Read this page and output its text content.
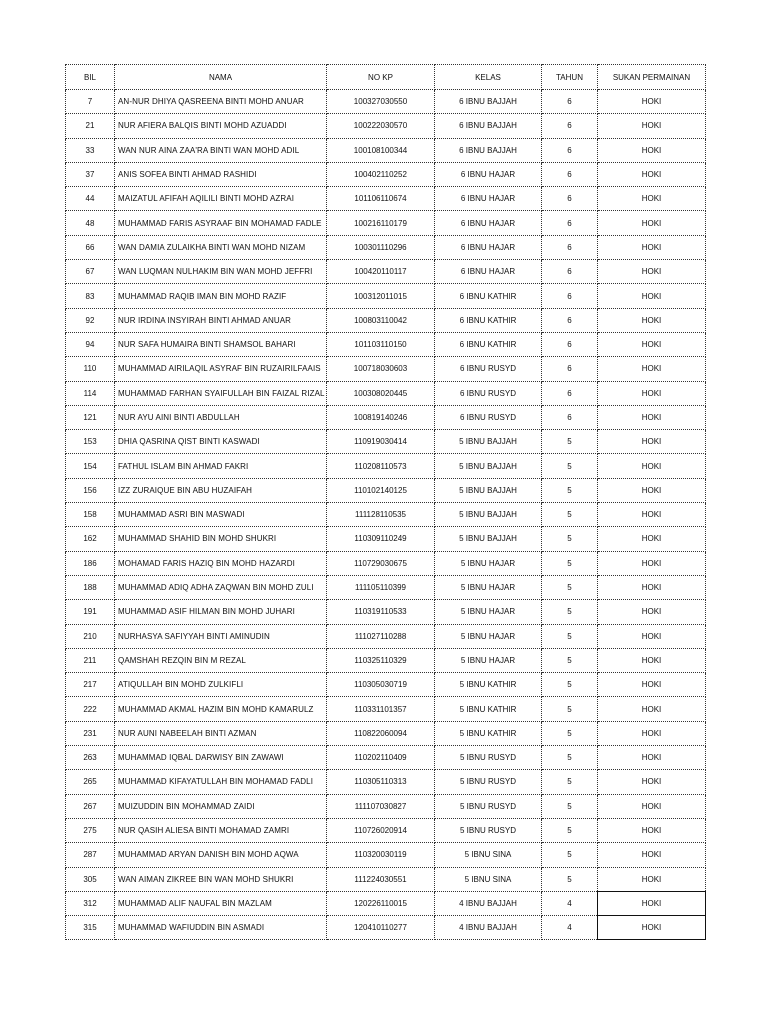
BIL	NAMA	NO KP	KELAS	TAHUN	SUKAN PERMAINAN
7	AN-NUR DHIYA QASREENA BINTI MOHD ANUAR	100327030550	6 IBNU BAJJAH	6	HOKI
21	NUR AFIERA BALQIS BINTI MOHD AZUADDI	100222030570	6 IBNU BAJJAH	6	HOKI
33	WAN NUR AINA ZAA'RA BINTI WAN MOHD ADIL	100108100344	6 IBNU BAJJAH	6	HOKI
37	ANIS SOFEA BINTI AHMAD RASHIDI	100402110252	6 IBNU HAJAR	6	HOKI
44	MAIZATUL AFIFAH AQILILI BINTI MOHD AZRAI	101106110674	6 IBNU HAJAR	6	HOKI
48	MUHAMMAD FARIS ASYRAAF BIN MOHAMAD FADLE	100216110179	6 IBNU HAJAR	6	HOKI
66	WAN DAMIA ZULAIKHA BINTI WAN MOHD NIZAM	100301110296	6 IBNU HAJAR	6	HOKI
67	WAN LUQMAN NULHAKIM BIN WAN MOHD JEFFRI	100420110117	6 IBNU HAJAR	6	HOKI
83	MUHAMMAD RAQIB IMAN BIN MOHD RAZIF	100312011015	6 IBNU KATHIR	6	HOKI
92	NUR IRDINA INSYIRAH BINTI AHMAD ANUAR	100803110042	6 IBNU KATHIR	6	HOKI
94	NUR SAFA HUMAIRA BINTI SHAMSOL BAHARI	101103110150	6 IBNU KATHIR	6	HOKI
110	MUHAMMAD AIRILAQIL ASYRAF BIN RUZAIRILFAAIS	100718030603	6 IBNU RUSYD	6	HOKI
114	MUHAMMAD FARHAN SYAIFULLAH BIN FAIZAL RIZAL	100308020445	6 IBNU RUSYD	6	HOKI
121	NUR AYU AINI BINTI ABDULLAH	100819140246	6 IBNU RUSYD	6	HOKI
153	DHIA QASRINA QIST BINTI KASWADI	110919030414	5 IBNU BAJJAH	5	HOKI
154	FATHUL ISLAM BIN AHMAD FAKRI	110208110573	5 IBNU BAJJAH	5	HOKI
156	IZZ ZURAIQUE BIN ABU HUZAIFAH	110102140125	5 IBNU BAJJAH	5	HOKI
158	MUHAMMAD ASRI BIN MASWADI	111128110535	5 IBNU BAJJAH	5	HOKI
162	MUHAMMAD SHAHID BIN MOHD SHUKRI	110309110249	5 IBNU BAJJAH	5	HOKI
186	MOHAMAD FARIS HAZIQ BIN MOHD HAZARDI	110729030675	5 IBNU HAJAR	5	HOKI
188	MUHAMMAD ADIQ ADHA ZAQWAN BIN MOHD ZULI	111105110399	5 IBNU HAJAR	5	HOKI
191	MUHAMMAD ASIF HILMAN BIN MOHD JUHARI	110319110533	5 IBNU HAJAR	5	HOKI
210	NURHASYA SAFIYYAH BINTI AMINUDIN	111027110288	5 IBNU HAJAR	5	HOKI
211	QAMSHAH REZQIN BIN M REZAL	110325110329	5 IBNU HAJAR	5	HOKI
217	ATIQULLAH BIN MOHD ZULKIFLI	110305030719	5 IBNU KATHIR	5	HOKI
222	MUHAMMAD AKMAL HAZIM BIN MOHD KAMARULZ	110331101357	5 IBNU KATHIR	5	HOKI
231	NUR AUNI NABEELAH BINTI AZMAN	110822060094	5 IBNU KATHIR	5	HOKI
263	MUHAMMAD IQBAL DARWISY BIN ZAWAWI	110202110409	5 IBNU RUSYD	5	HOKI
265	MUHAMMAD KIFAYATULLAH BIN MOHAMAD FADLI	110305110313	5 IBNU RUSYD	5	HOKI
267	MUIZUDDIN BIN MOHAMMAD ZAIDI	111107030827	5 IBNU RUSYD	5	HOKI
275	NUR QASIH ALIESA BINTI MOHAMAD ZAMRI	110726020914	5 IBNU RUSYD	5	HOKI
287	MUHAMMAD ARYAN DANISH BIN MOHD AQWA	110320030119	5 IBNU SINA	5	HOKI
305	WAN AIMAN ZIKREE BIN WAN MOHD SHUKRI	111224030551	5 IBNU SINA	5	HOKI
312	MUHAMMAD ALIF NAUFAL BIN MAZLAM	120226110015	4 IBNU BAJJAH	4	HOKI
315	MUHAMMAD WAFIUDDIN BIN ASMADI	120410110277	4 IBNU BAJJAH	4	HOKI
